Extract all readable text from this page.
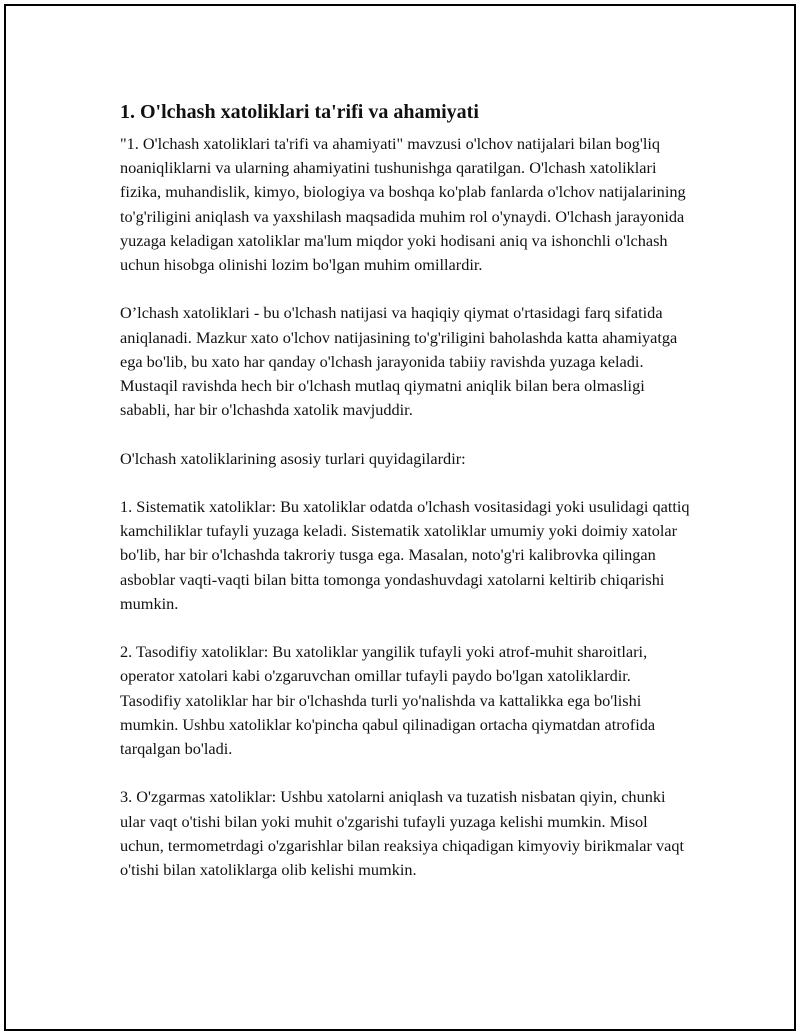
1. O'lchash xatoliklari ta'rifi va ahamiyati

"1. O'lchash xatoliklari ta'rifi va ahamiyati" mavzusi o'lchov natijalari bilan bog'liq noaniqliklarni va ularning ahamiyatini tushunishga qaratilgan. O'lchash xatoliklari fizika, muhandislik, kimyo, biologiya va boshqa ko'plab fanlarda o'lchov natijalarining to'g'riligini aniqlash va yaxshilash maqsadida muhim rol o'ynaydi. O'lchash jarayonida yuzaga keladigan xatoliklar ma'lum miqdor yoki hodisani aniq va ishonchli o'lchash uchun hisobga olinishi lozim bo'lgan muhim omillardir.

O’lchash xatoliklari - bu o'lchash natijasi va haqiqiy qiymat o'rtasidagi farq sifatida aniqlanadi. Mazkur xato o'lchov natijasining to'g'riligini baholashda katta ahamiyatga ega bo'lib, bu xato har qanday o'lchash jarayonida tabiiy ravishda yuzaga keladi. Mustaqil ravishda hech bir o'lchash mutlaq qiymatni aniqlik bilan bera olmasligi sababli, har bir o'lchashda xatolik mavjuddir.

O'lchash xatoliklarining asosiy turlari quyidagilardir:

1. Sistematik xatoliklar: Bu xatoliklar odatda o'lchash vositasidagi yoki usulidagi qattiq kamchiliklar tufayli yuzaga keladi. Sistematik xatoliklar umumiy yoki doimiy xatolar bo'lib, har bir o'lchashda takroriy tusga ega. Masalan, noto'g'ri kalibrovka qilingan asboblar vaqti-vaqti bilan bitta tomonga yondashuvdagi xatolarni keltirib chiqarishi mumkin.

2. Tasodifiy xatoliklar: Bu xatoliklar yangilik tufayli yoki atrof-muhit sharoitlari, operator xatolari kabi o'zgaruvchan omillar tufayli paydo bo'lgan xatoliklardir. Tasodifiy xatoliklar har bir o'lchashda turli yo'nalishda va kattalikka ega bo'lishi mumkin. Ushbu xatoliklar ko'pincha qabul qilinadigan ortacha qiymatdan atrofida tarqalgan bo'ladi.

3. O'zgarmas xatoliklar: Ushbu xatolarni aniqlash va tuzatish nisbatan qiyin, chunki ular vaqt o'tishi bilan yoki muhit o'zgarishi tufayli yuzaga kelishi mumkin. Misol uchun, termometrdagi o'zgarishlar bilan reaksiya chiqadigan kimyoviy birikmalar vaqt o'tishi bilan xatoliklarga olib kelishi mumkin.
